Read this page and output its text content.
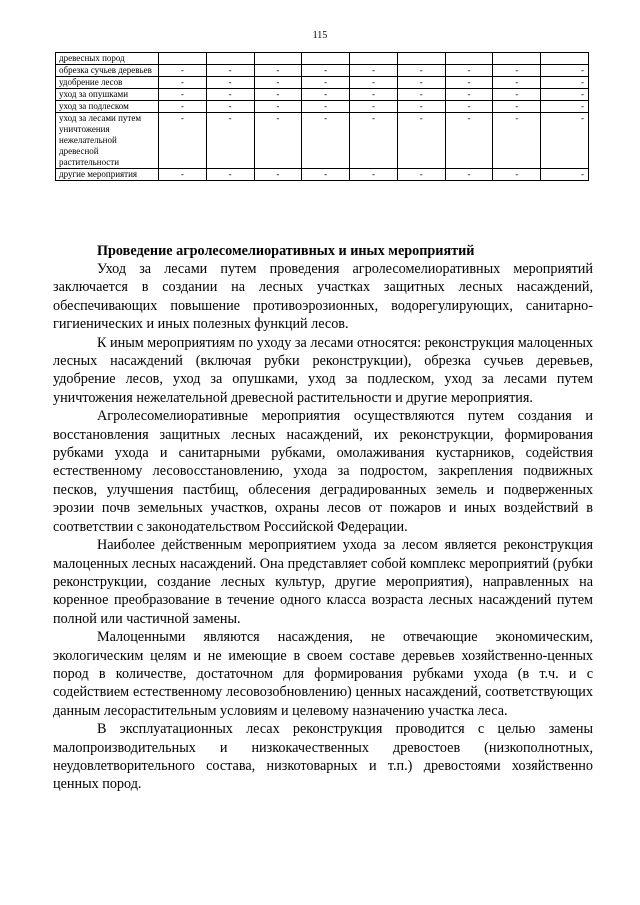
115
древесных пород									
обрезка сучьев деревьев	-	-	-	-	-	-	-	-	-
удобрение лесов	-	-	-	-	-	-	-	-	-
уход за опушками	-	-	-	-	-	-	-	-	-
уход за подлеском	-	-	-	-	-	-	-	-	-
уход за лесами путем уничтожения нежелательной древесной растительности	-	-	-	-	-	-	-	-	-
другие мероприятия	-	-	-	-	-	-	-	-	-
Проведение агролесомелиоративных и иных мероприятий

Уход за лесами путем проведения агролесомелиоративных мероприятий заключается в создании на лесных участках защитных лесных насаждений, обеспечивающих повышение противоэрозионных, водорегулирующих, санитарно-гигиенических и иных полезных функций лесов.

К иным мероприятиям по уходу за лесами относятся: реконструкция малоценных лесных насаждений (включая рубки реконструкции), обрезка сучьев деревьев, удобрение лесов, уход за опушками, уход за подлеском, уход за лесами путем уничтожения нежелательной древесной растительности и другие мероприятия.

Агролесомелиоративные мероприятия осуществляются путем создания и восстановления защитных лесных насаждений, их реконструкции, формирования рубками ухода и санитарными рубками, омолаживания кустарников, содействия естественному лесовосстановлению, ухода за подростом, закрепления подвижных песков, улучшения пастбищ, облесения деградированных земель и подверженных эрозии почв земельных участков, охраны лесов от пожаров и иных воздействий в соответствии с законодательством Российской Федерации.

Наиболее действенным мероприятием ухода за лесом является реконструкция малоценных лесных насаждений. Она представляет собой комплекс мероприятий (рубки реконструкции, создание лесных культур, другие мероприятия), направленных на коренное преобразование в течение одного класса возраста лесных насаждений путем полной или частичной замены.

Малоценными являются насаждения, не отвечающие экономическим, экологическим целям и не имеющие в своем составе деревьев хозяйственно-ценных пород в количестве, достаточном для формирования рубками ухода (в т.ч. и с содействием естественному лесовозобновлению) ценных насаждений, соответствующих данным лесорастительным условиям и целевому назначению участка леса.

В эксплуатационных лесах реконструкция проводится с целью замены малопроизводительных и низкокачественных древостоев (низкополнотных, неудовлетворительного состава, низкотоварных и т.п.) древостоями хозяйственно ценных пород.
